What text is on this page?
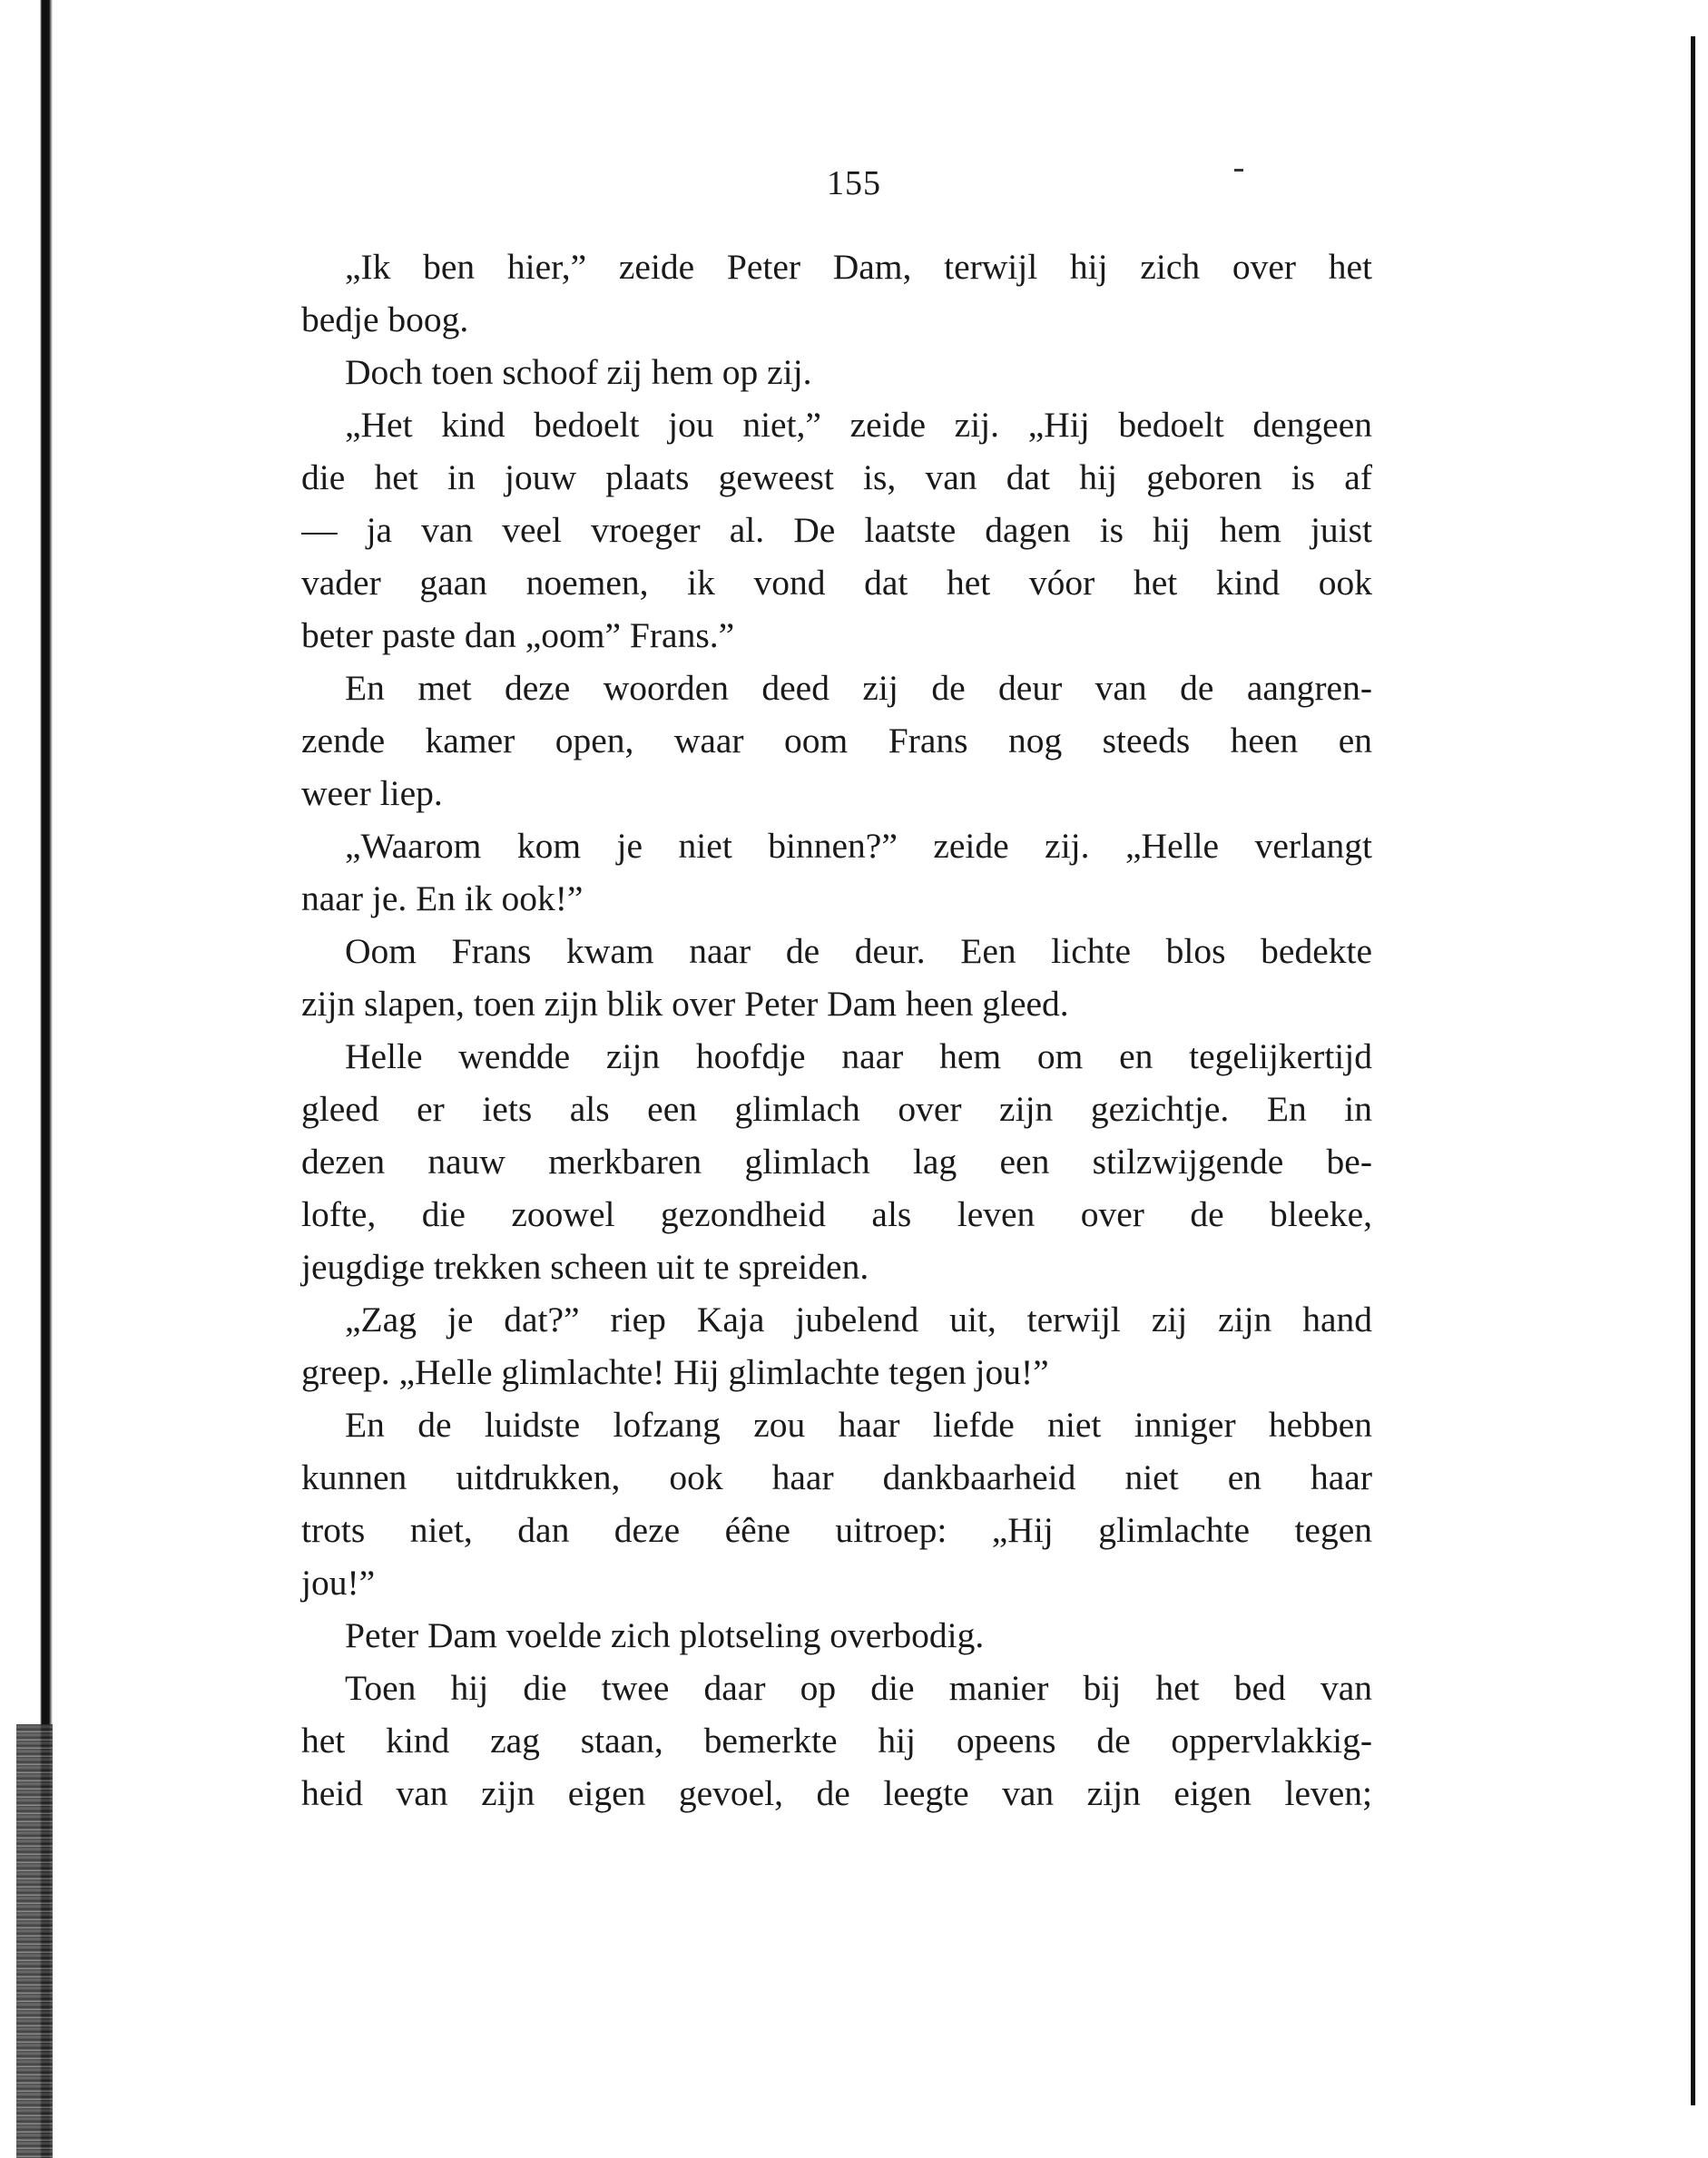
155
„Ik ben hier,” zeide Peter Dam, terwijl hij zich over het
bedje boog.
Doch toen schoof zij hem op zij.
„Het kind bedoelt jou niet,” zeide zij. „Hij bedoelt dengeen
die het in jouw plaats geweest is, van dat hij geboren is af
— ja van veel vroeger al. De laatste dagen is hij hem juist
vader gaan noemen, ik vond dat het vóor het kind ook
beter paste dan „oom” Frans.”
En met deze woorden deed zij de deur van de aangren-
zende kamer open, waar oom Frans nog steeds heen en
weer liep.
„Waarom kom je niet binnen?” zeide zij. „Helle verlangt
naar je. En ik ook!”
Oom Frans kwam naar de deur. Een lichte blos bedekte
zijn slapen, toen zijn blik over Peter Dam heen gleed.
Helle wendde zijn hoofdje naar hem om en tegelijkertijd
gleed er iets als een glimlach over zijn gezichtje. En in
dezen nauw merkbaren glimlach lag een stilzwijgende be-
lofte, die zoowel gezondheid als leven over de bleeke,
jeugdige trekken scheen uit te spreiden.
„Zag je dat?” riep Kaja jubelend uit, terwijl zij zijn hand
greep. „Helle glimlachte! Hij glimlachte tegen jou!”
En de luidste lofzang zou haar liefde niet inniger hebben
kunnen uitdrukken, ook haar dankbaarheid niet en haar
trots niet, dan deze éêne uitroep: „Hij glimlachte tegen
jou!”
Peter Dam voelde zich plotseling overbodig.
Toen hij die twee daar op die manier bij het bed van
het kind zag staan, bemerkte hij opeens de oppervlakkig-
heid van zijn eigen gevoel, de leegte van zijn eigen leven;
